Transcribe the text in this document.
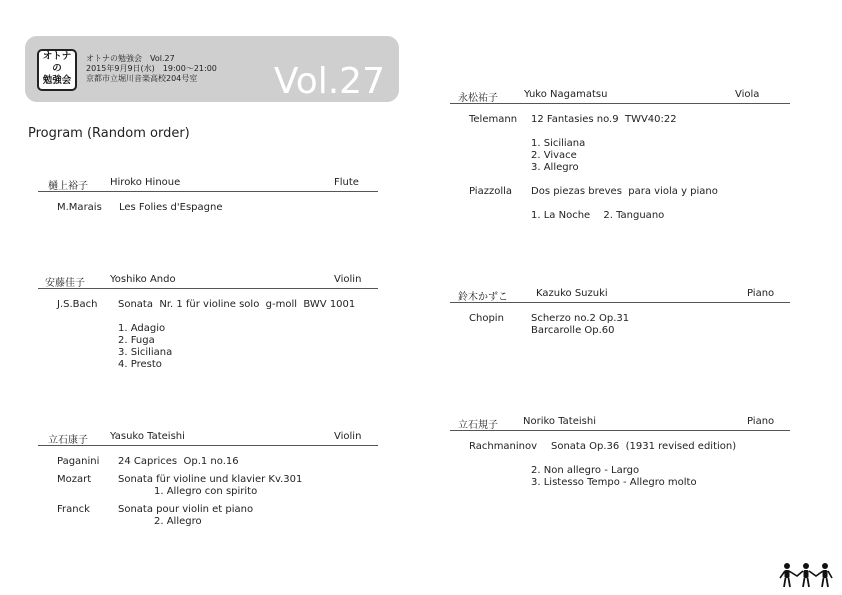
オトナ
の
勉強会
オトナの勉強会　Vol.27
2015年9月9日(水)　19:00～21:00
京都市立堀川音楽高校204号室	Vol.27
Program (Random order)
樋上裕子 Hiroko Hinoue	Flute
M.Marais Les Folies d'Espagne
安藤佳子	Yoshiko Ando	Violin
J.S.Bach Sonata  Nr. 1 für violine solo  g-moll  BWV 1001
1. Adagio
2. Fuga
3. Siciliana
4. Presto
立石康子 Yasuko Tateishi	Violin
Paganini 24 Caprices  Op.1 no.16
Mozart	Sonata für violine und klavier Kv.301
1. Allegro con spirito
Franck	Sonata pour violin et piano
2. Allegro
永松祐子	Yuko Nagamatsu	Viola
Telemann 12 Fantasies no.9  TWV40:22
1. Siciliana
2. Vivace
3. Allegro
Piazzolla Dos piezas breves  para viola y piano
1. La Noche　 2. Tanguano
鈴木かずこ	Kazuko Suzuki	Piano
Chopin	Scherzo no.2 Op.31
Barcarolle Op.60
立石規子	Noriko Tateishi	Piano
Rachmaninov Sonata Op.36  (1931 revised edition)
2. Non allegro - Largo
3. Listesso Tempo - Allegro molto
